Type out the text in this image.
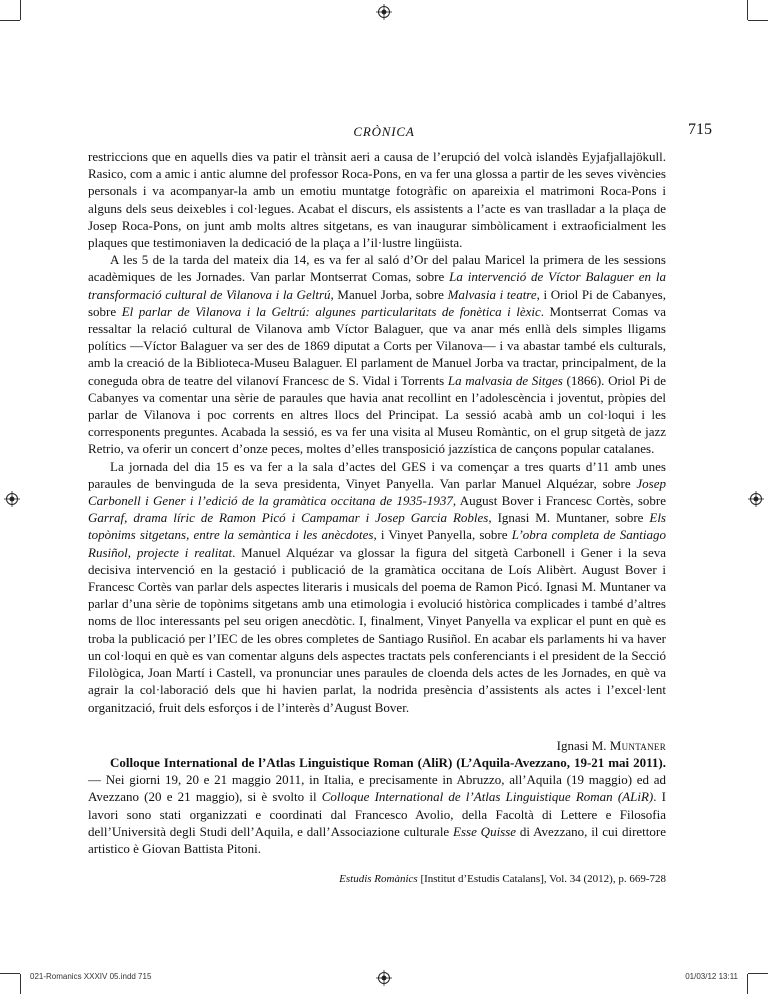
CRÒNICA	715

restriccions que en aquells dies va patir el trànsit aeri a causa de l’erupció del volcà islandès Eyjafjallajökull. Rasico, com a amic i antic alumne del professor Roca-Pons, en va fer una glossa a partir de les seves vivències personals i va acompanyar-la amb un emotiu muntatge fotogràfic on apareixia el matrimoni Roca-Pons i alguns dels seus deixebles i col·legues. Acabat el discurs, els assistents a l’acte es van traslladar a la plaça de Josep Roca-Pons, on junt amb molts altres sitgetans, es van inaugurar simbòlicament i extraoficialment les plaques que testimoniaven la dedicació de la plaça a l’il·lustre lingüista.

A les 5 de la tarda del mateix dia 14, es va fer al saló d’Or del palau Maricel la primera de les sessions acadèmiques de les Jornades. Van parlar Montserrat Comas, sobre La intervenció de Víctor Balaguer en la transformació cultural de Vilanova i la Geltrú, Manuel Jorba, sobre Malvasia i teatre, i Oriol Pi de Cabanyes, sobre El parlar de Vilanova i la Geltrú: algunes particularitats de fonètica i lèxic. Montserrat Comas va ressaltar la relació cultural de Vilanova amb Víctor Balaguer, que va anar més enllà dels simples lligams polítics —Víctor Balaguer va ser des de 1869 diputat a Corts per Vilanova— i va abastar també els culturals, amb la creació de la Biblioteca-Museu Balaguer. El parlament de Manuel Jorba va tractar, principalment, de la coneguda obra de teatre del vilanoví Francesc de S. Vidal i Torrents La malvasia de Sitges (1866). Oriol Pi de Cabanyes va comentar una sèrie de paraules que havia anat recollint en l’adolescència i joventut, pròpies del parlar de Vilanova i poc corrents en altres llocs del Principat. La sessió acabà amb un col·loqui i les corresponents preguntes. Acabada la sessió, es va fer una visita al Museu Romàntic, on el grup sitgetà de jazz Retrio, va oferir un concert d’onze peces, moltes d’elles transposició jazzística de cançons popular catalanes.

La jornada del dia 15 es va fer a la sala d’actes del GES i va començar a tres quarts d’11 amb unes paraules de benvinguda de la seva presidenta, Vinyet Panyella. Van parlar Manuel Alquézar, sobre Josep Carbonell i Gener i l’edició de la gramàtica occitana de 1935-1937, August Bover i Francesc Cortès, sobre Garraf, drama líric de Ramon Picó i Campamar i Josep Garcia Robles, Ignasi M. Muntaner, sobre Els topònims sitgetans, entre la semàntica i les anècdotes, i Vinyet Panyella, sobre L’obra completa de Santiago Rusiñol, projecte i realitat. Manuel Alquézar va glossar la figura del sitgetà Carbonell i Gener i la seva decisiva intervenció en la gestació i publicació de la gramàtica occitana de Loís Alibèrt. August Bover i Francesc Cortès van parlar dels aspectes literaris i musicals del poema de Ramon Picó. Ignasi M. Muntaner va parlar d’una sèrie de topònims sitgetans amb una etimologia i evolució històrica complicades i també d’altres noms de lloc interessants pel seu origen anecdòtic. I, finalment, Vinyet Panyella va explicar el punt en què es troba la publicació per l’IEC de les obres completes de Santiago Rusiñol. En acabar els parlaments hi va haver un col·loqui en què es van comentar alguns dels aspectes tractats pels conferenciants i el president de la Secció Filològica, Joan Martí i Castell, va pronunciar unes paraules de cloenda dels actes de les Jornades, en què va agrair la col·laboració dels que hi havien parlat, la nodrida presència d’assistents als actes i l’excel·lent organització, fruit dels esforços i de l’interès d’August Bover.

Ignasi M. Muntaner

Colloque International de l’Atlas Linguistique Roman (AliR) (L’Aquila-Avezzano, 19-21 mai 2011). — Nei giorni 19, 20 e 21 maggio 2011, in Italia, e precisamente in Abruzzo, all’Aquila (19 maggio) ed ad Avezzano (20 e 21 maggio), si è svolto il Colloque International de l’Atlas Linguistique Roman (ALiR). I lavori sono stati organizzati e coordinati dal Francesco Avolio, della Facoltà di Lettere e Filosofia dell’Università degli Studi dell’Aquila, e dall’Associazione culturale Esse Quisse di Avezzano, il cui direttore artistico è Giovan Battista Pitoni.

Estudis Romànics [Institut d’Estudis Catalans], Vol. 34 (2012), p. 669-728
021-Romanics XXXIV 05.indd 715	01/03/12 13:11
